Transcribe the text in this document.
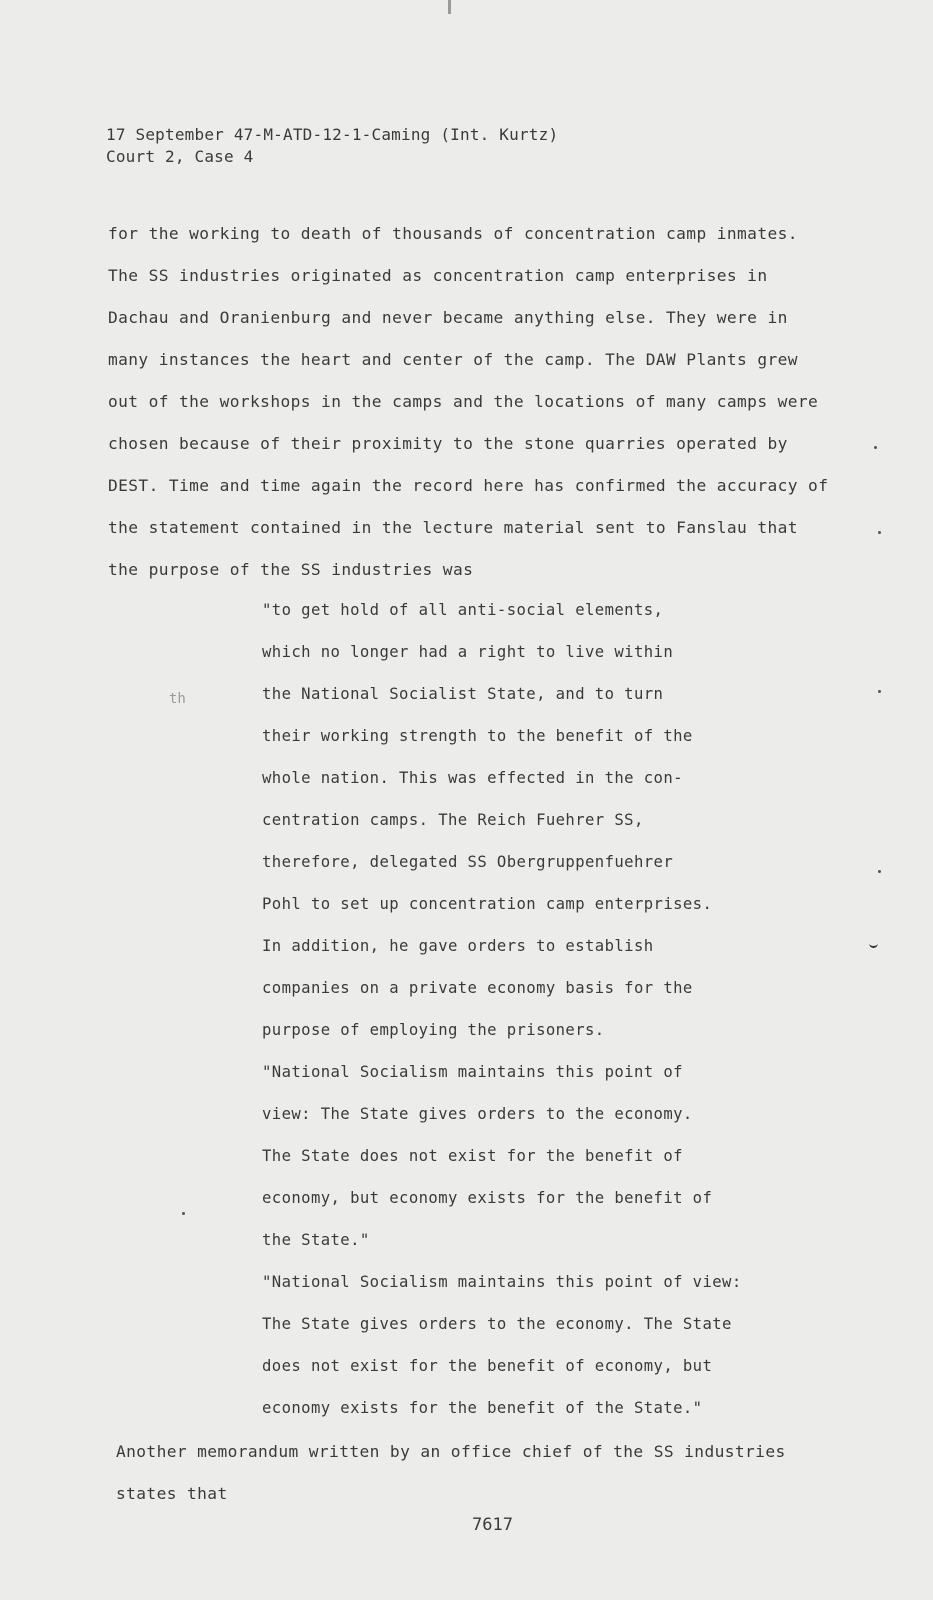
17 September 47-M-ATD-12-1-Caming (Int. Kurtz)
Court 2, Case 4
for the working to death of thousands of concentration camp inmates.
The SS industries originated as concentration camp enterprises in
Dachau and Oranienburg and never became anything else. They were in
many instances the heart and center of the camp. The DAW Plants grew
out of the workshops in the camps and the locations of many camps were
chosen because of their proximity to the stone quarries operated by
DEST. Time and time again the record here has confirmed the accuracy of
the statement contained in the lecture material sent to Fanslau that
the purpose of the SS industries was
"to get hold of all anti-social elements,
which no longer had a right to live within
the National Socialist State, and to turn
their working strength to the benefit of the
whole nation. This was effected in the con-
centration camps. The Reich Fuehrer SS,
therefore, delegated SS Obergruppenfuehrer
Pohl to set up concentration camp enterprises.
In addition, he gave orders to establish
companies on a private economy basis for the
purpose of employing the prisoners.
"National Socialism maintains this point of
view: The State gives orders to the economy.
The State does not exist for the benefit of
economy, but economy exists for the benefit of
the State."
"National Socialism maintains this point of view:
The State gives orders to the economy. The State
does not exist for the benefit of economy, but
economy exists for the benefit of the State."
Another memorandum written by an office chief of the SS industries
states that
th
7617
